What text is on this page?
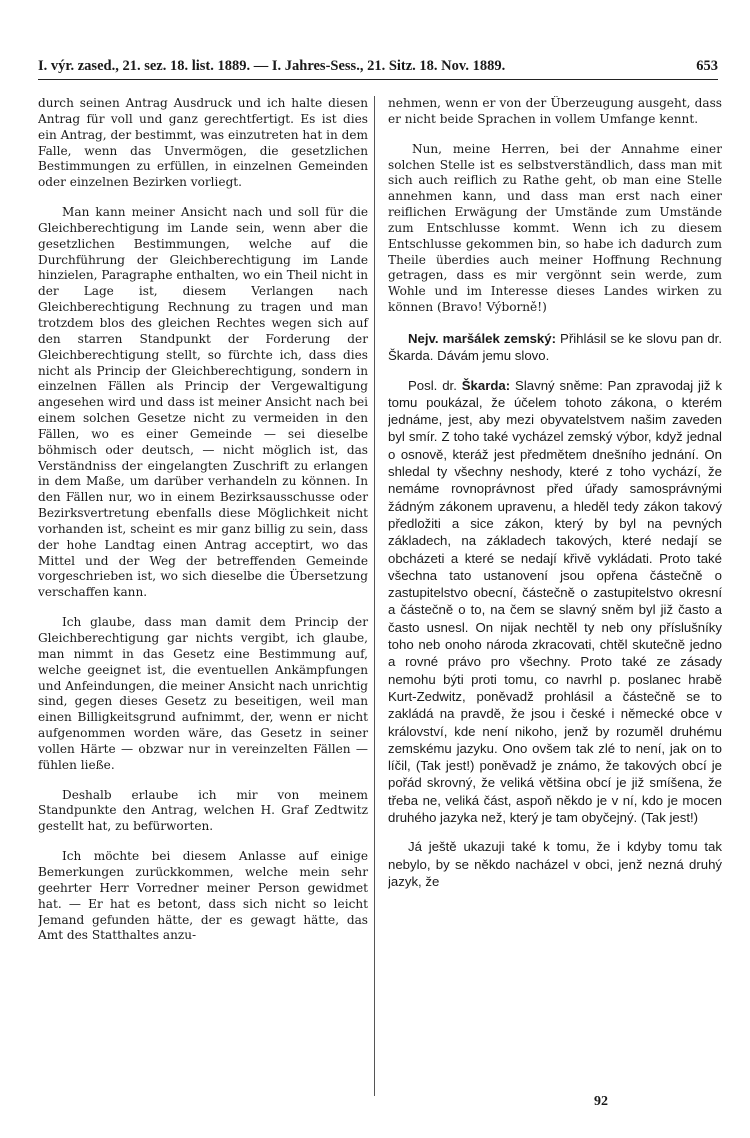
I. výr. zased., 21. sez. 18. list. 1889. — I. Jahres-Sess., 21. Sitz. 18. Nov. 1889.	653

durch seinen Antrag Ausdruck und ich halte diesen Antrag für voll und ganz gerechtfertigt. Es ist dies ein Antrag, der bestimmt, was einzutreten hat in dem Falle, wenn das Unvermögen, die gesetzlichen Bestimmungen zu erfüllen, in einzelnen Gemeinden oder einzelnen Bezirken vorliegt.

Man kann meiner Ansicht nach und soll für die Gleichberechtigung im Lande sein, wenn aber die gesetzlichen Bestimmungen, welche auf die Durchführung der Gleichberechtigung im Lande hinzielen, Paragraphe enthalten, wo ein Theil nicht in der Lage ist, diesem Verlangen nach Gleichberechtigung Rechnung zu tragen und man trotzdem blos des gleichen Rechtes wegen sich auf den starren Standpunkt der Forderung der Gleichberechtigung stellt, so fürchte ich, dass dies nicht als Princip der Gleichberechtigung, sondern in einzelnen Fällen als Princip der Vergewaltigung angesehen wird und dass ist meiner Ansicht nach bei einem solchen Gesetze nicht zu vermeiden in den Fällen, wo es einer Gemeinde — sei dieselbe böhmisch oder deutsch, — nicht möglich ist, das Verständniss der eingelangten Zuschrift zu erlangen in dem Maße, um darüber verhandeln zu können. In den Fällen nur, wo in einem Bezirksausschusse oder Bezirksvertretung ebenfalls diese Möglichkeit nicht vorhanden ist, scheint es mir ganz billig zu sein, dass der hohe Landtag einen Antrag acceptirt, wo das Mittel und der Weg der betreffenden Gemeinde vorgeschrieben ist, wo sich dieselbe die Übersetzung verschaffen kann.

Ich glaube, dass man damit dem Princip der Gleichberechtigung gar nichts vergibt, ich glaube, man nimmt in das Gesetz eine Bestimmung auf, welche geeignet ist, die eventuellen Ankämpfungen und Anfeindungen, die meiner Ansicht nach unrichtig sind, gegen dieses Gesetz zu beseitigen, weil man einen Billigkeitsgrund aufnimmt, der, wenn er nicht aufgenommen worden wäre, das Gesetz in seiner vollen Härte — obzwar nur in vereinzelten Fällen — fühlen ließe.

Deshalb erlaube ich mir von meinem Standpunkte den Antrag, welchen H. Graf Zedtwitz gestellt hat, zu befürworten.

Ich möchte bei diesem Anlasse auf einige Bemerkungen zurückkommen, welche mein sehr geehrter Herr Vorredner meiner Person gewidmet hat. — Er hat es betont, dass sich nicht so leicht Jemand gefunden hätte, der es gewagt hätte, das Amt des Statthaltes anzu-

nehmen, wenn er von der Überzeugung ausgeht, dass er nicht beide Sprachen in vollem Umfange kennt.

Nun, meine Herren, bei der Annahme einer solchen Stelle ist es selbstverständlich, dass man mit sich auch reiflich zu Rathe geht, ob man eine Stelle annehmen kann, und dass man erst nach einer reiflichen Erwägung der Umstände zum Umstände zum Entschlusse kommt. Wenn ich zu diesem Entschlusse gekommen bin, so habe ich dadurch zum Theile überdies auch meiner Hoffnung Rechnung getragen, dass es mir vergönnt sein werde, zum Wohle und im Interesse dieses Landes wirken zu können (Bravo! Výborně!)

Nejv. maršálek zemský: Přihlásil se ke slovu pan dr. Škarda. Dávám jemu slovo.

Posl. dr. Škarda: Slavný sněme: Pan zpravodaj již k tomu poukázal, že účelem tohoto zákona, o kterém jednáme, jest, aby mezi obyvatelstvem našim zaveden byl smír. Z toho také vycházel zemský výbor, když jednal o osnově, kteráž jest předmětem dnešního jednání. On shledal ty všechny neshody, které z toho vychází, že nemáme rovnoprávnost před úřady samosprávnými žádným zákonem upravenu, a hleděl tedy zákon takový předložiti a sice zákon, který by byl na pevných základech, na základech takových, které nedají se obcházeti a které se nedají křivě vykládati. Proto také všechna tato ustanovení jsou opřena částečně o zastupitelstvo obecní, částečně o zastupitelstvo okresní a částečně o to, na čem se slavný sněm byl již často a často usnesl. On nijak nechtěl ty neb ony příslušníky toho neb onoho národa zkracovati, chtěl skutečně jedno a rovné právo pro všechny. Proto také ze zásady nemohu býti proti tomu, co navrhl p. poslanec hrabě Kurt-Zedwitz, poněvadž prohlásil a částečně se to zakládá na pravdě, že jsou i české i německé obce v království, kde není nikoho, jenž by rozuměl druhému zemskému jazyku. Ono ovšem tak zlé to není, jak on to líčil, (Tak jest!) poněvadž je známo, že takových obcí je pořád skrovný, že veliká většina obcí je již smíšena, že třeba ne, veliká část, aspoň někdo je v ní, kdo je mocen druhého jazyka než, který je tam obyčejný. (Tak jest!)

Já ještě ukazuji také k tomu, že i kdyby tomu tak nebylo, by se někdo nacházel v obci, jenž nezná druhý jazyk, že

92
